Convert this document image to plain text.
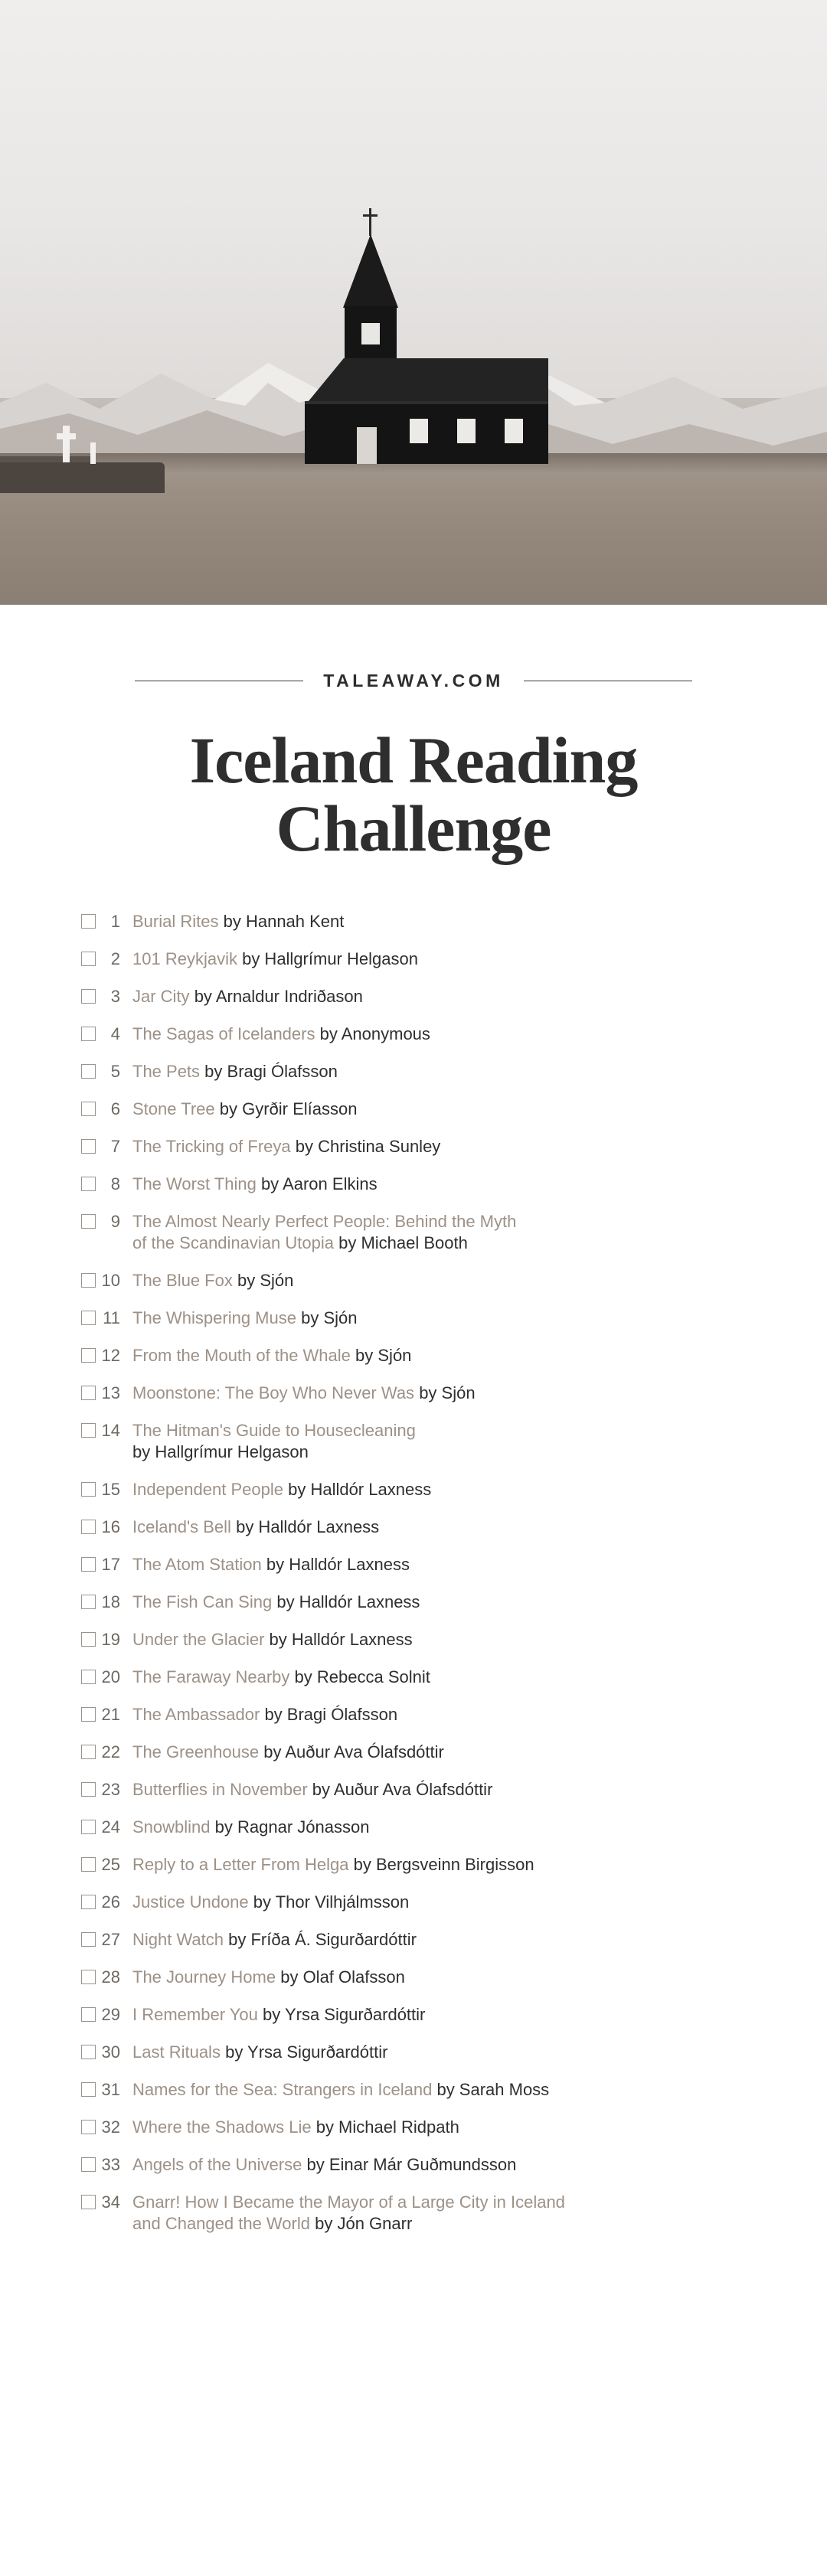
TALEAWAY.COM
Iceland Reading
Challenge
1 Burial Rites by Hannah Kent
2 101 Reykjavik by Hallgrímur Helgason
3 Jar City by Arnaldur Indriðason
4 The Sagas of Icelanders by Anonymous
5 The Pets by Bragi Ólafsson
6 Stone Tree by Gyrðir Elíasson
7 The Tricking of Freya by Christina Sunley
8 The Worst Thing by Aaron Elkins
9 The Almost Nearly Perfect People: Behind the Myth
of the Scandinavian Utopia by Michael Booth
10 The Blue Fox by Sjón
11 The Whispering Muse by Sjón
12 From the Mouth of the Whale by Sjón
13 Moonstone: The Boy Who Never Was by Sjón
14 The Hitman's Guide to Housecleaning
by Hallgrímur Helgason
15 Independent People by Halldór Laxness
16 Iceland's Bell by Halldór Laxness
17 The Atom Station by Halldór Laxness
18 The Fish Can Sing by Halldór Laxness
19 Under the Glacier by Halldór Laxness
20 The Faraway Nearby by Rebecca Solnit
21 The Ambassador by Bragi Ólafsson
22 The Greenhouse by Auður Ava Ólafsdóttir
23 Butterflies in November by Auður Ava Ólafsdóttir
24 Snowblind by Ragnar Jónasson
25 Reply to a Letter From Helga by Bergsveinn Birgisson
26 Justice Undone by Thor Vilhjálmsson
27 Night Watch by Fríða Á. Sigurðardóttir
28 The Journey Home by Olaf Olafsson
29 I Remember You by Yrsa Sigurðardóttir
30 Last Rituals by Yrsa Sigurðardóttir
31 Names for the Sea: Strangers in Iceland by Sarah Moss
32 Where the Shadows Lie by Michael Ridpath
33 Angels of the Universe by Einar Már Guðmundsson
34 Gnarr! How I Became the Mayor of a Large City in Iceland
and Changed the World by Jón Gnarr
